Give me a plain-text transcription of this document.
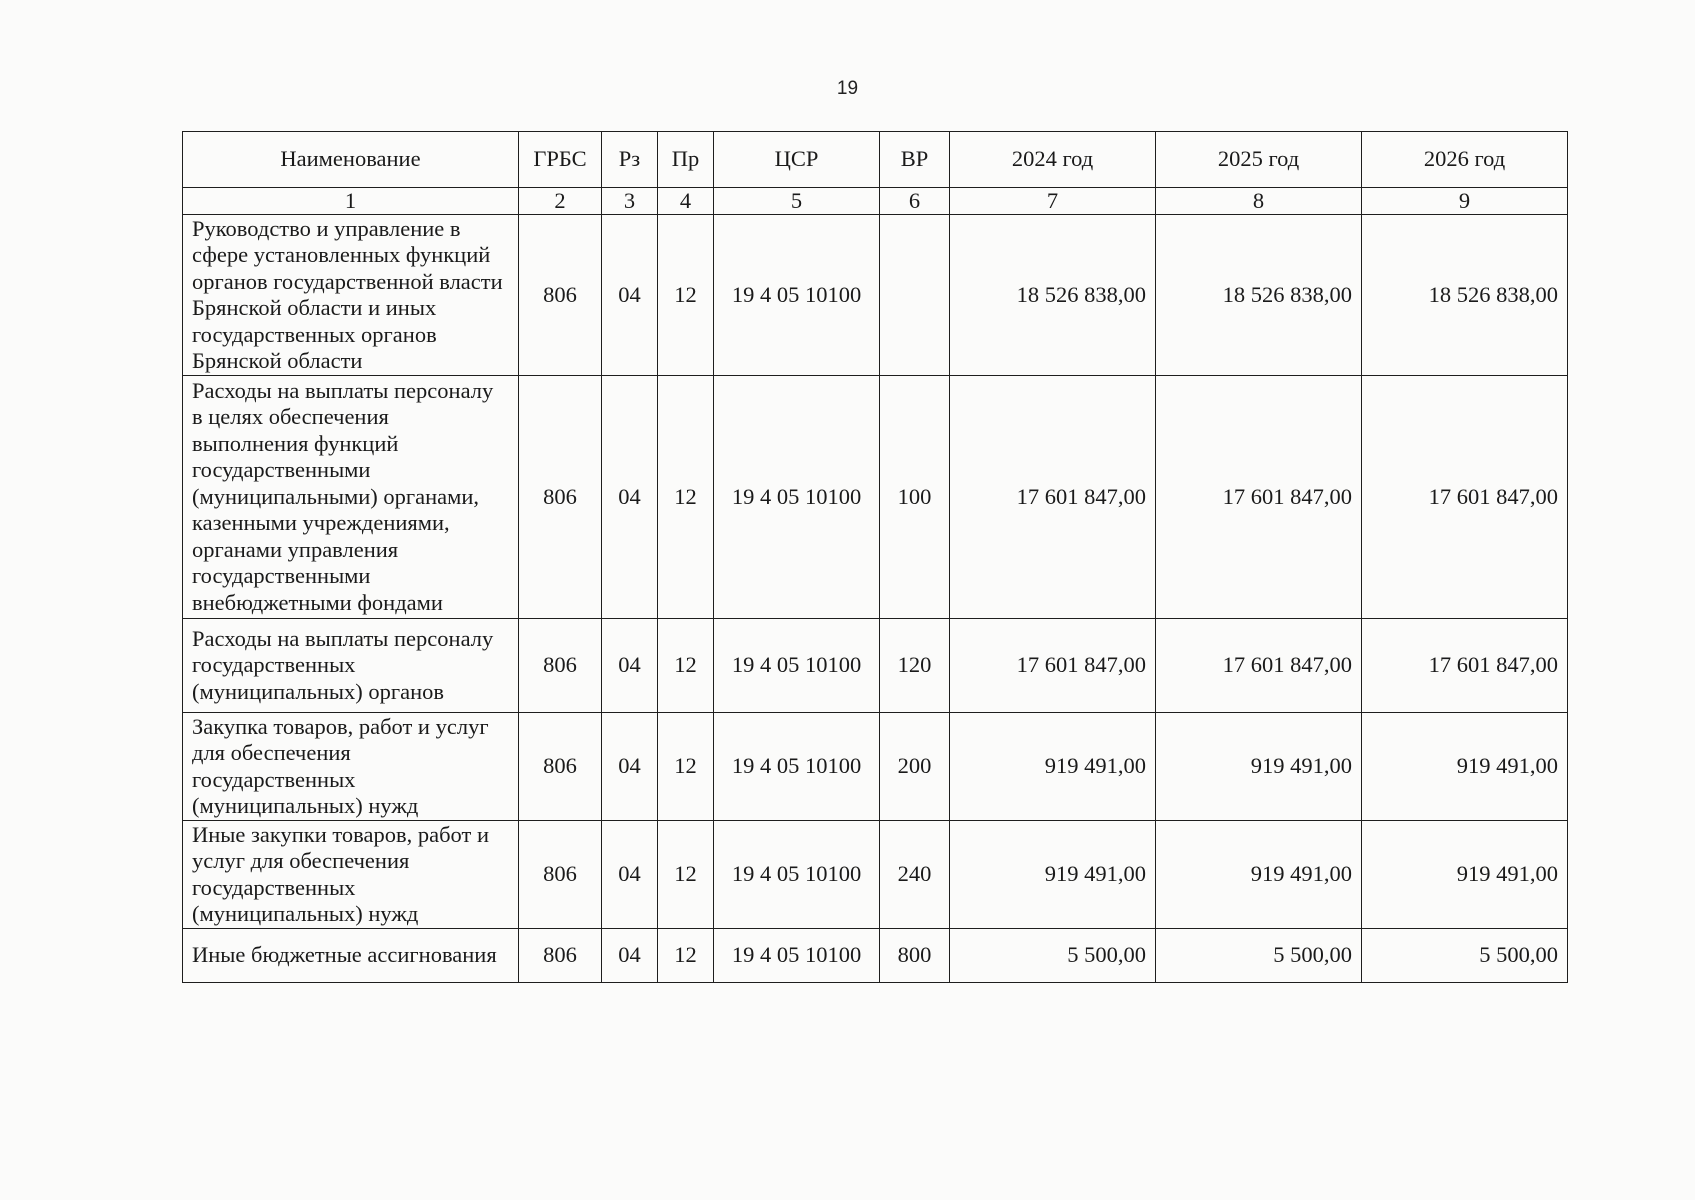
19
Наименование	ГРБС	Рз	Пр	ЦСР	ВР	2024 год	2025 год	2026 год
1	2	3	4	5	6	7	8	9
Руководство и управление в сфере установленных функций органов государственной власти Брянской области и иных государственных органов Брянской области	806	04	12	19 4 05 10100		18 526 838,00	18 526 838,00	18 526 838,00
Расходы на выплаты персоналу в целях обеспечения выполнения функций государственными (муниципальными) органами, казенными учреждениями, органами управления государственными внебюджетными фондами	806	04	12	19 4 05 10100	100	17 601 847,00	17 601 847,00	17 601 847,00
Расходы на выплаты персоналу государственных (муниципальных) органов	806	04	12	19 4 05 10100	120	17 601 847,00	17 601 847,00	17 601 847,00
Закупка товаров, работ и услуг для обеспечения государственных (муниципальных) нужд	806	04	12	19 4 05 10100	200	919 491,00	919 491,00	919 491,00
Иные закупки товаров, работ и услуг для обеспечения государственных (муниципальных) нужд	806	04	12	19 4 05 10100	240	919 491,00	919 491,00	919 491,00
Иные бюджетные ассигнования	806	04	12	19 4 05 10100	800	5 500,00	5 500,00	5 500,00
